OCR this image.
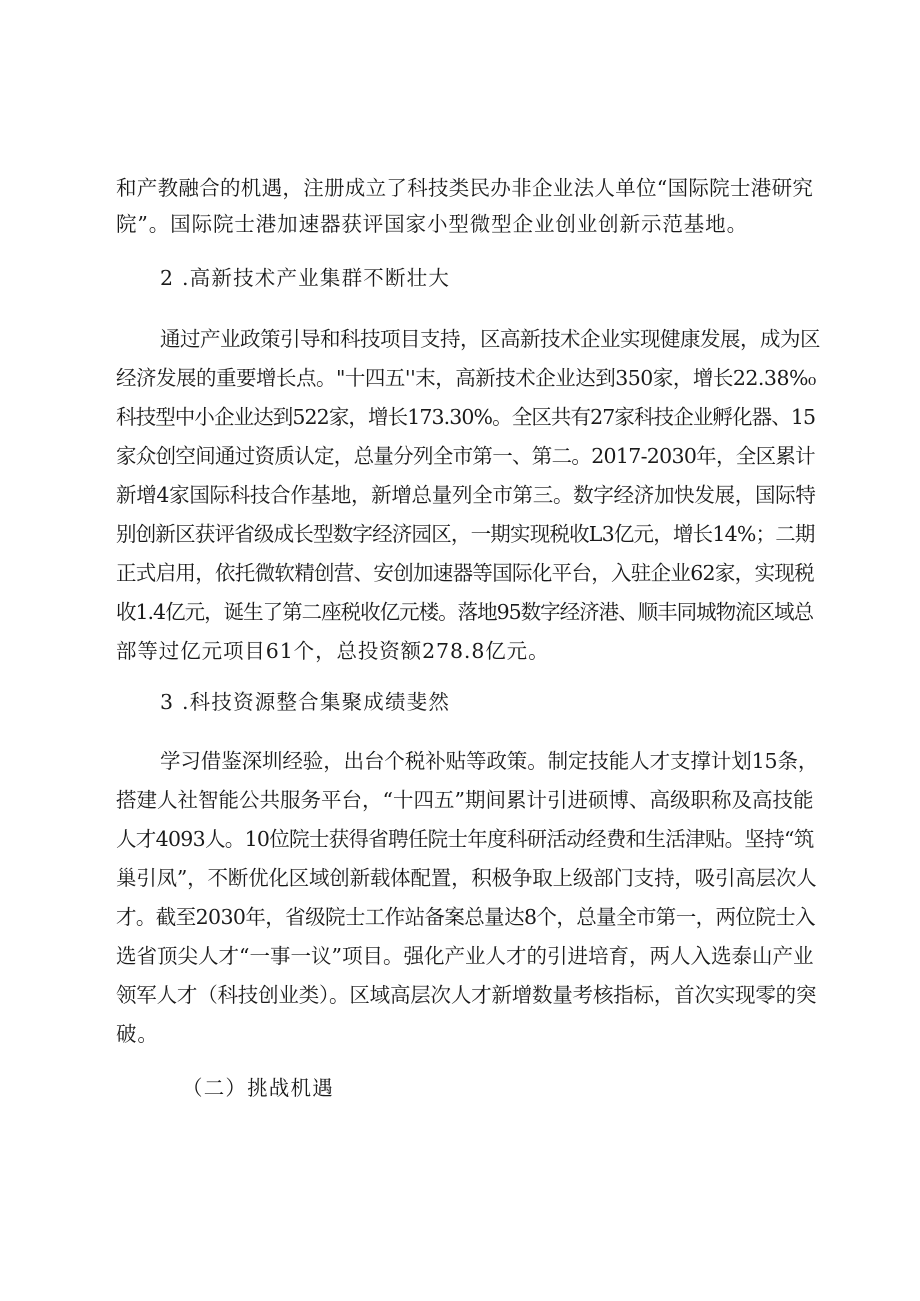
和产教融合的机遇，注册成立了科技类民办非企业法人单位“国际院士港研究
院”。国际院士港加速器获评国家小型微型企业创业创新示范基地。
2 .高新技术产业集群不断壮大
通过产业政策引导和科技项目支持，区高新技术企业实现健康发展，成为区
经济发展的重要增长点。"十四五''末，高新技术企业达到350家，增长22.38%₀
科技型中小企业达到522家，增长173.30%。全区共有27家科技企业孵化器、15
家众创空间通过资质认定，总量分列全市第一、第二。2017-2030年，全区累计
新增4家国际科技合作基地，新增总量列全市第三。数字经济加快发展，国际特
别创新区获评省级成长型数字经济园区，一期实现税收L3亿元，增长14%；二期
正式启用，依托微软精创营、安创加速器等国际化平台，入驻企业62家，实现税
收1.4亿元，诞生了第二座税收亿元楼。落地95数字经济港、顺丰同城物流区域总
部等过亿元项目61个，总投资额278.8亿元。
3 .科技资源整合集聚成绩斐然
学习借鉴深圳经验，出台个税补贴等政策。制定技能人才支撑计划15条，
搭建人社智能公共服务平台，“十四五”期间累计引进硕博、高级职称及高技能
人才4093人。10位院士获得省聘任院士年度科研活动经费和生活津贴。坚持“筑
巢引凤”，不断优化区域创新载体配置，积极争取上级部门支持，吸引高层次人
才。截至2030年，省级院士工作站备案总量达8个，总量全市第一，两位院士入
选省顶尖人才“一事一议”项目。强化产业人才的引进培育，两人入选泰山产业
领军人才（科技创业类）。区域高层次人才新增数量考核指标，首次实现零的突
破。
（二）挑战机遇
